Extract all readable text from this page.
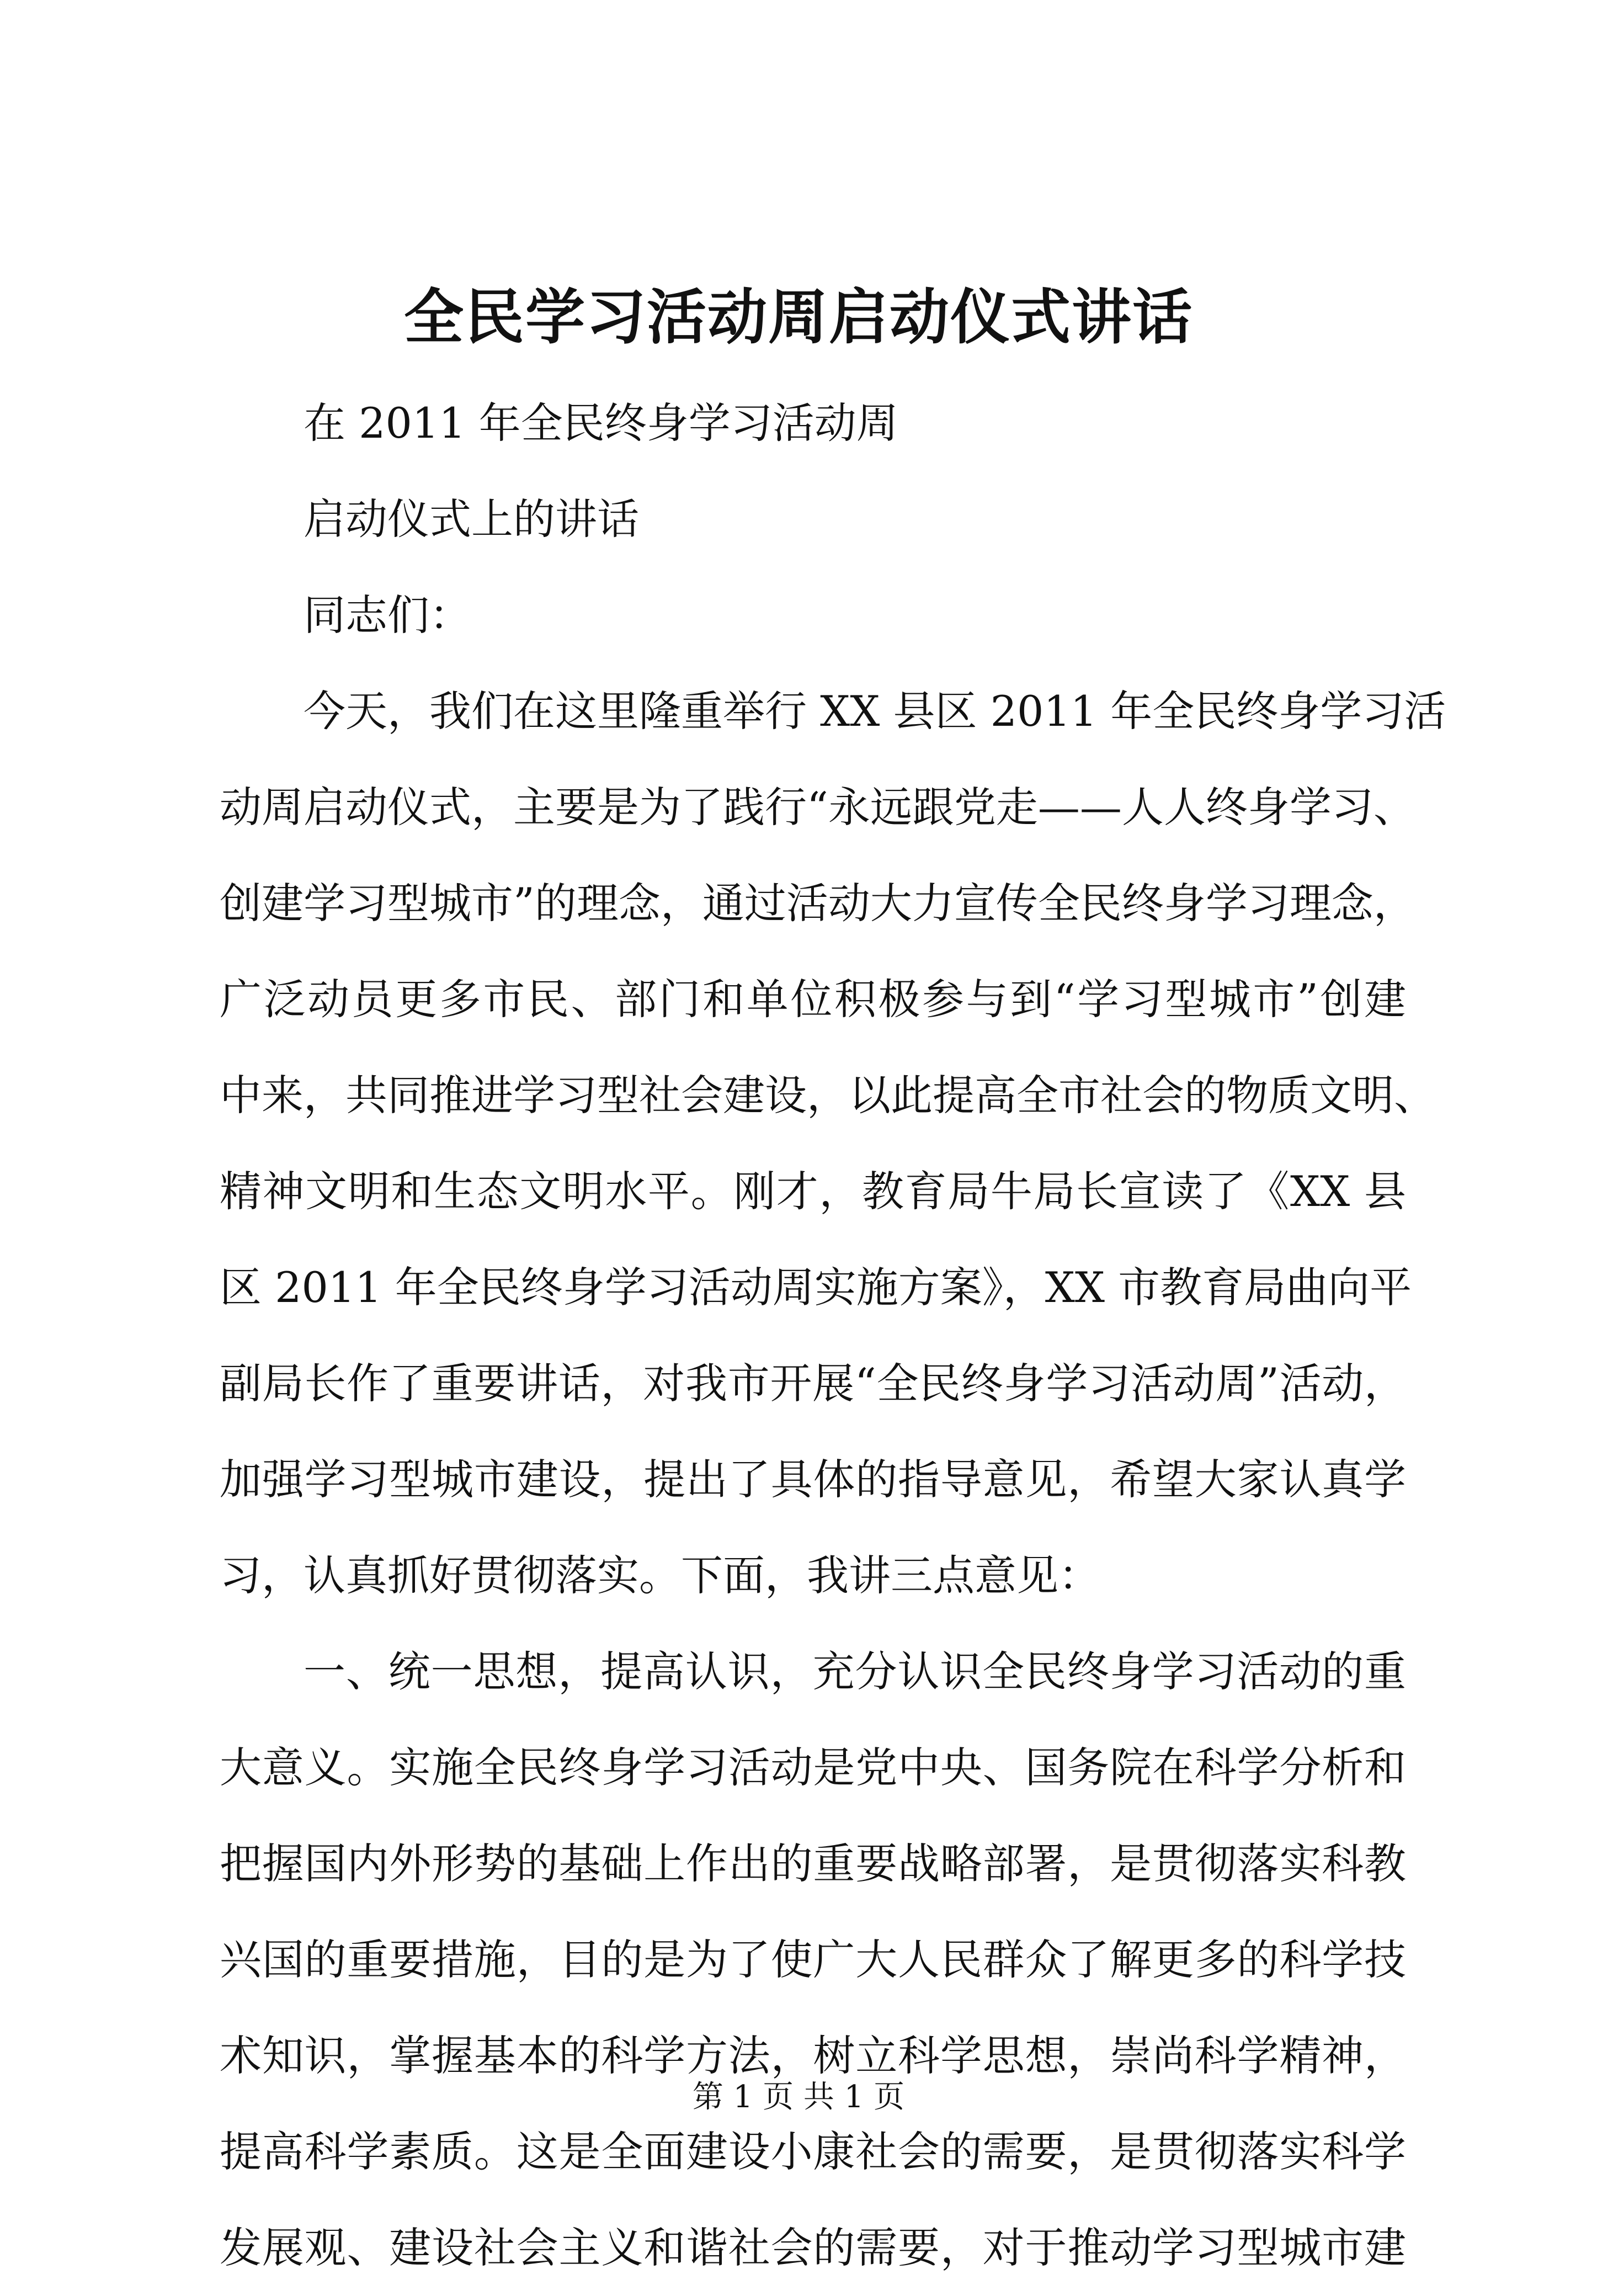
全民学习活动周启动仪式讲话

在 2011 年全民终身学习活动周

启动仪式上的讲话

同志们：

今天，我们在这里隆重举行 XX 县区 2011 年全民终身学习活

动周启动仪式，主要是为了践行“永远跟党走——人人终身学习、

创建学习型城市”的理念，通过活动大力宣传全民终身学习理念，

广泛动员更多市民、部门和单位积极参与到“学习型城市”创建

中来，共同推进学习型社会建设，以此提高全市社会的物质文明、

精神文明和生态文明水平。刚才，教育局牛局长宣读了《XX 县

区 2011 年全民终身学习活动周实施方案》，XX 市教育局曲向平

副局长作了重要讲话，对我市开展“全民终身学习活动周”活动，

加强学习型城市建设，提出了具体的指导意见，希望大家认真学

习，认真抓好贯彻落实。下面，我讲三点意见：

一、统一思想，提高认识，充分认识全民终身学习活动的重

大意义。实施全民终身学习活动是党中央、国务院在科学分析和

把握国内外形势的基础上作出的重要战略部署，是贯彻落实科教

兴国的重要措施，目的是为了使广大人民群众了解更多的科学技

术知识，掌握基本的科学方法，树立科学思想，崇尚科学精神，

提高科学素质。这是全面建设小康社会的需要，是贯彻落实科学

发展观、建设社会主义和谐社会的需要，对于推动学习型城市建

第 1 页 共 1 页
